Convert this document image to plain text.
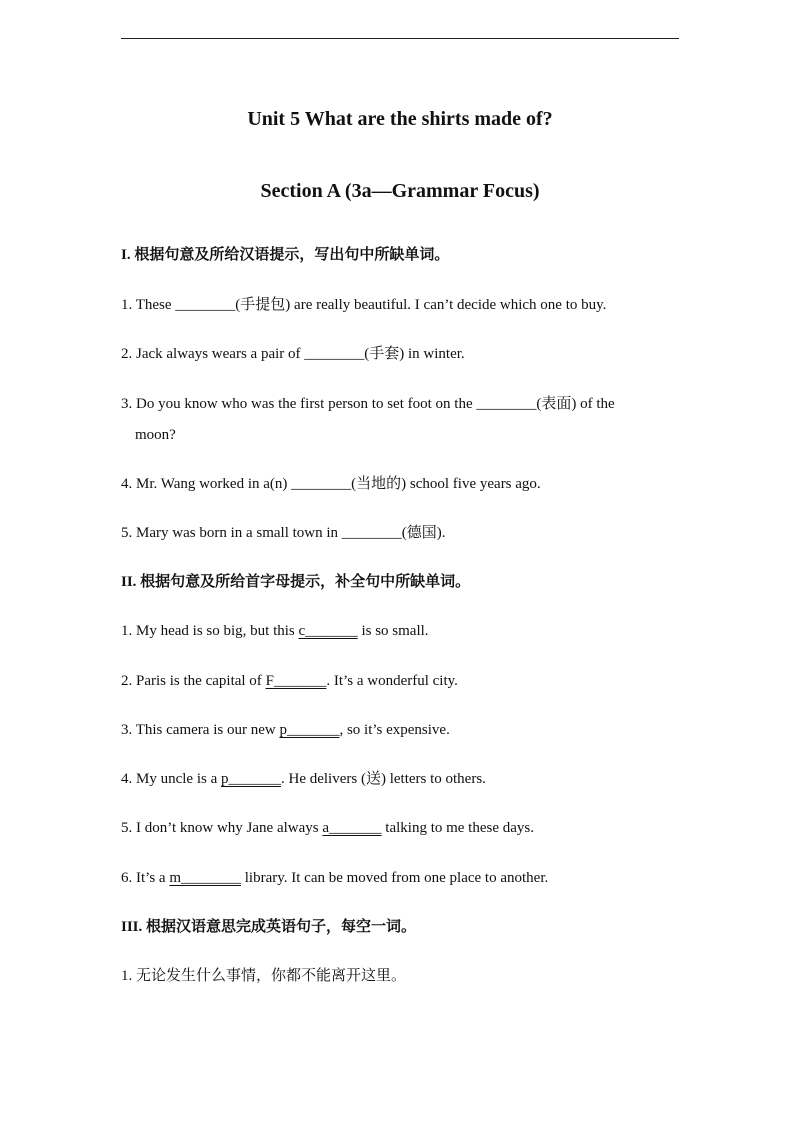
Unit 5 What are the shirts made of?
Section A (3a—Grammar Focus)
I. 根据句意及所给汉语提示，写出句中所缺单词。
1. These ________(手提包) are really beautiful. I can’t decide which one to buy.
2. Jack always wears a pair of ________(手套) in winter.
3. Do you know who was the first person to set foot on the ________(表面) of the
moon?
4. Mr. Wang worked in a(n) ________(当地的) school five years ago.
5. Mary was born in a small town in ________(德国).
II. 根据句意及所给首字母提示，补全句中所缺单词。
1. My head is so big, but this c_______ is so small.
2. Paris is the capital of F_______. It’s a wonderful city.
3. This camera is our new p_______, so it’s expensive.
4. My uncle is a p_______. He delivers (送) letters to others.
5. I don’t know why Jane always a_______ talking to me these days.
6. It’s a m________ library. It can be moved from one place to another.
III. 根据汉语意思完成英语句子，每空一词。
1. 无论发生什么事情，你都不能离开这里。
